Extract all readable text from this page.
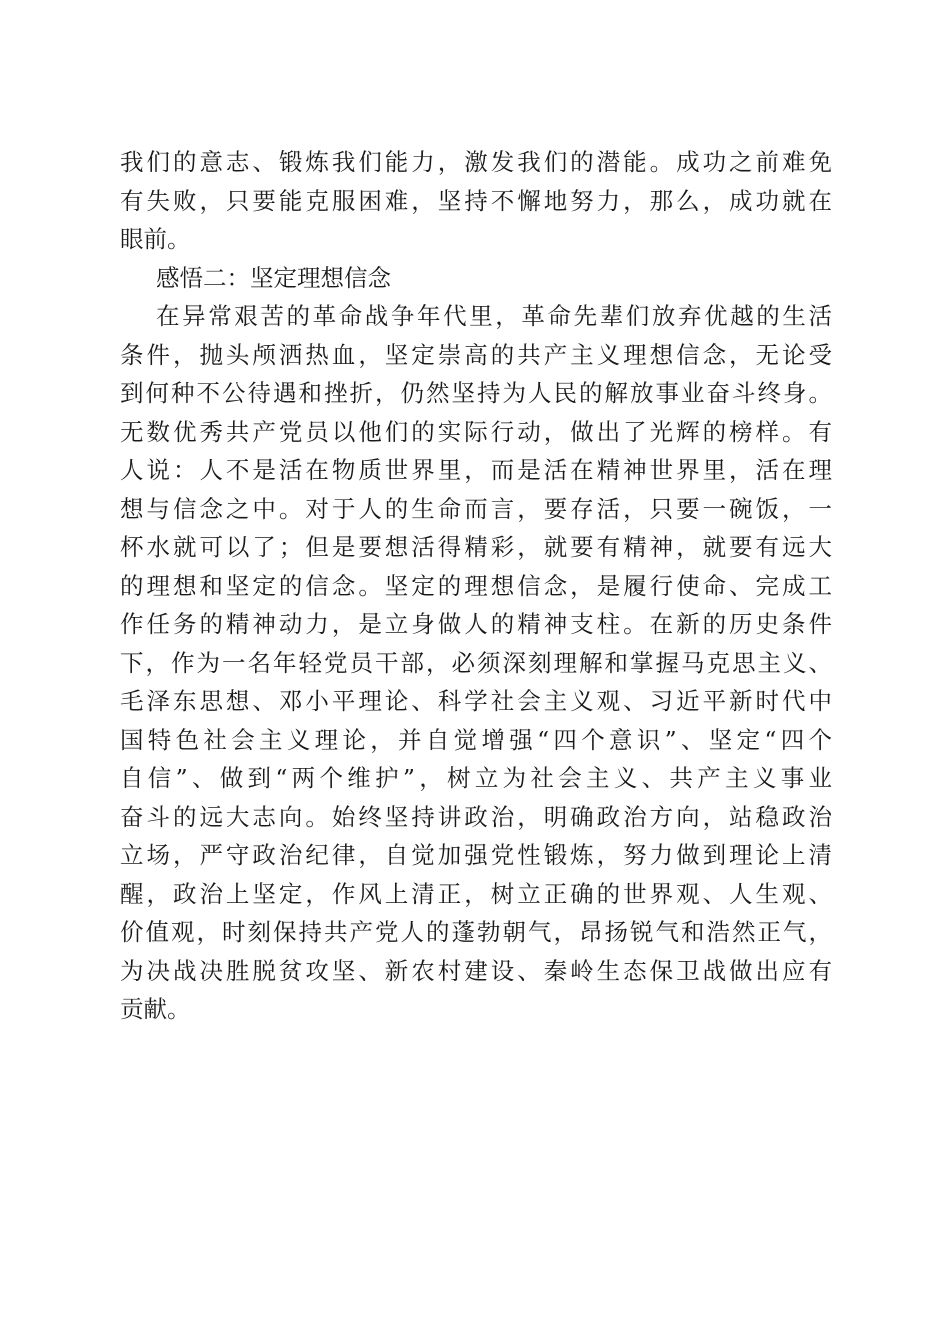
我们的意志、锻炼我们能力，激发我们的潜能。成功之前难免
有失败，只要能克服困难，坚持不懈地努力，那么，成功就在
眼前。
感悟二：坚定理想信念
在异常艰苦的革命战争年代里，革命先辈们放弃优越的生活
条件，抛头颅洒热血，坚定崇高的共产主义理想信念，无论受
到何种不公待遇和挫折，仍然坚持为人民的解放事业奋斗终身。
无数优秀共产党员以他们的实际行动，做出了光辉的榜样。有
人说：人不是活在物质世界里，而是活在精神世界里，活在理
想与信念之中。对于人的生命而言，要存活，只要一碗饭，一
杯水就可以了；但是要想活得精彩，就要有精神，就要有远大
的理想和坚定的信念。坚定的理想信念，是履行使命、完成工
作任务的精神动力，是立身做人的精神支柱。在新的历史条件
下，作为一名年轻党员干部，必须深刻理解和掌握马克思主义、
毛泽东思想、邓小平理论、科学社会主义观、习近平新时代中
国特色社会主义理论，并自觉增强“四个意识”、坚定“四个
自信”、做到“两个维护”，树立为社会主义、共产主义事业
奋斗的远大志向。始终坚持讲政治，明确政治方向，站稳政治
立场，严守政治纪律，自觉加强党性锻炼，努力做到理论上清
醒，政治上坚定，作风上清正，树立正确的世界观、人生观、
价值观，时刻保持共产党人的蓬勃朝气，昂扬锐气和浩然正气，
为决战决胜脱贫攻坚、新农村建设、秦岭生态保卫战做出应有
贡献。
